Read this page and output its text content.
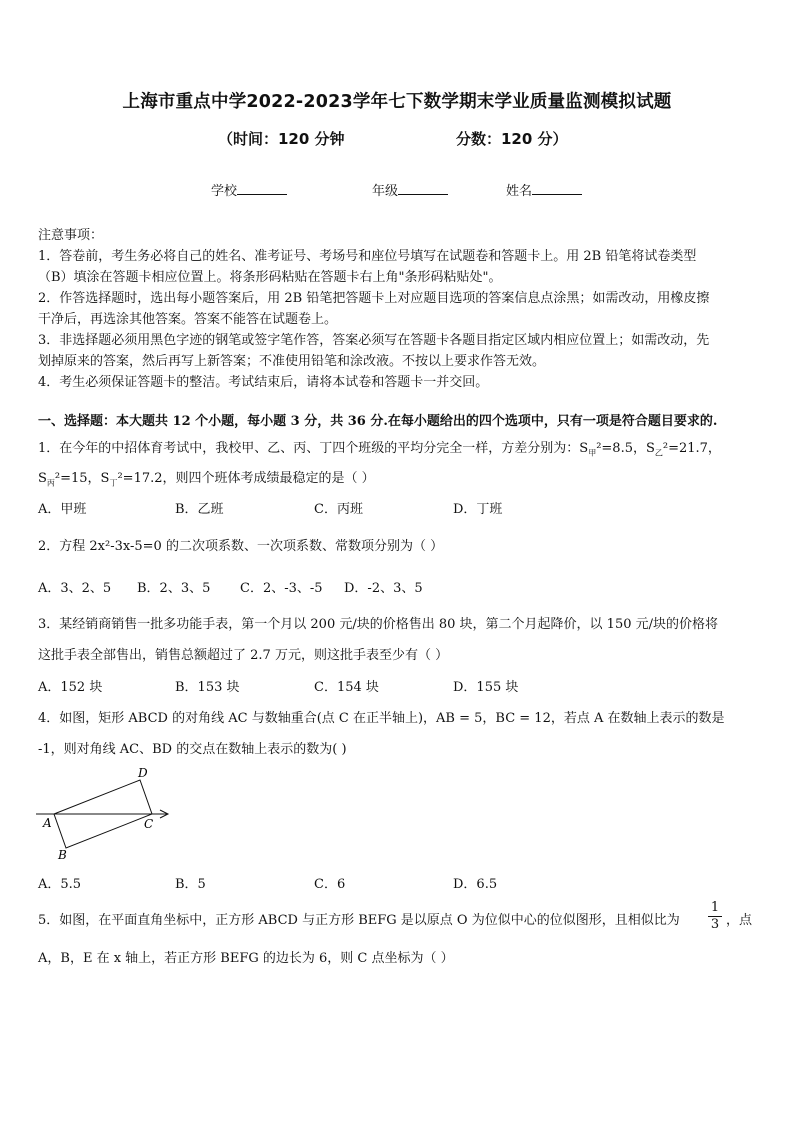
上海市重点中学2022-2023学年七下数学期末学业质量监测模拟试题
（时间：120 分钟	分数：120 分）
学校	年级	姓名
注意事项：
1．答卷前，考生务必将自己的姓名、准考证号、考场号和座位号填写在试题卷和答题卡上。用 2B 铅笔将试卷类型
（B）填涂在答题卡相应位置上。将条形码粘贴在答题卡右上角"条形码粘贴处"。
2．作答选择题时，选出每小题答案后，用 2B 铅笔把答题卡上对应题目选项的答案信息点涂黑；如需改动，用橡皮擦
干净后，再选涂其他答案。答案不能答在试题卷上。
3．非选择题必须用黑色字迹的钢笔或签字笔作答，答案必须写在答题卡各题目指定区域内相应位置上；如需改动，先
划掉原来的答案，然后再写上新答案；不准使用铅笔和涂改液。不按以上要求作答无效。
4．考生必须保证答题卡的整洁。考试结束后，请将本试卷和答题卡一并交回。
一、选择题：本大题共 12 个小题，每小题 3 分，共 36 分.在每小题给出的四个选项中，只有一项是符合题目要求的.
1．在今年的中招体育考试中，我校甲、乙、丙、丁四个班级的平均分完全一样，方差分别为：$S_甲^2=8.5$，$S_乙^2=21.7$，
$S_丙^2=15$，$S_丁^2=17.2$，则四个班体考成绩最稳定的是（ ）
A．甲班	B．乙班	C．丙班	D．丁班
2．方程 2x²-3x-5=0 的二次项系数、一次项系数、常数项分别为（ ）
A．3、2、5 B．2、3、5 C．2、-3、-5 D．-2、3、5
3．某经销商销售一批多功能手表，第一个月以 200 元/块的价格售出 80 块，第二个月起降价，以 150 元/块的价格将
这批手表全部售出，销售总额超过了 2.7 万元，则这批手表至少有（ ）
A．152 块	B．153 块	C．154 块	D．155 块
4．如图，矩形 ABCD 的对角线 AC 与数轴重合(点 C 在正半轴上)，AB = 5，BC = 12，若点 A 在数轴上表示的数是
-1，则对角线 AC、BD 的交点在数轴上表示的数为( )
D
A	C
B
A．5.5	B．5	C．6	D．6.5
5．如图，在平面直角坐标中，正方形 ABCD 与正方形 BEFG 是以原点 O 为位似中心的位似图形，且相似比为 $\frac{1}{3}$ ，点
A，B，E 在 x 轴上，若正方形 BEFG 的边长为 6，则 C 点坐标为（ ）
